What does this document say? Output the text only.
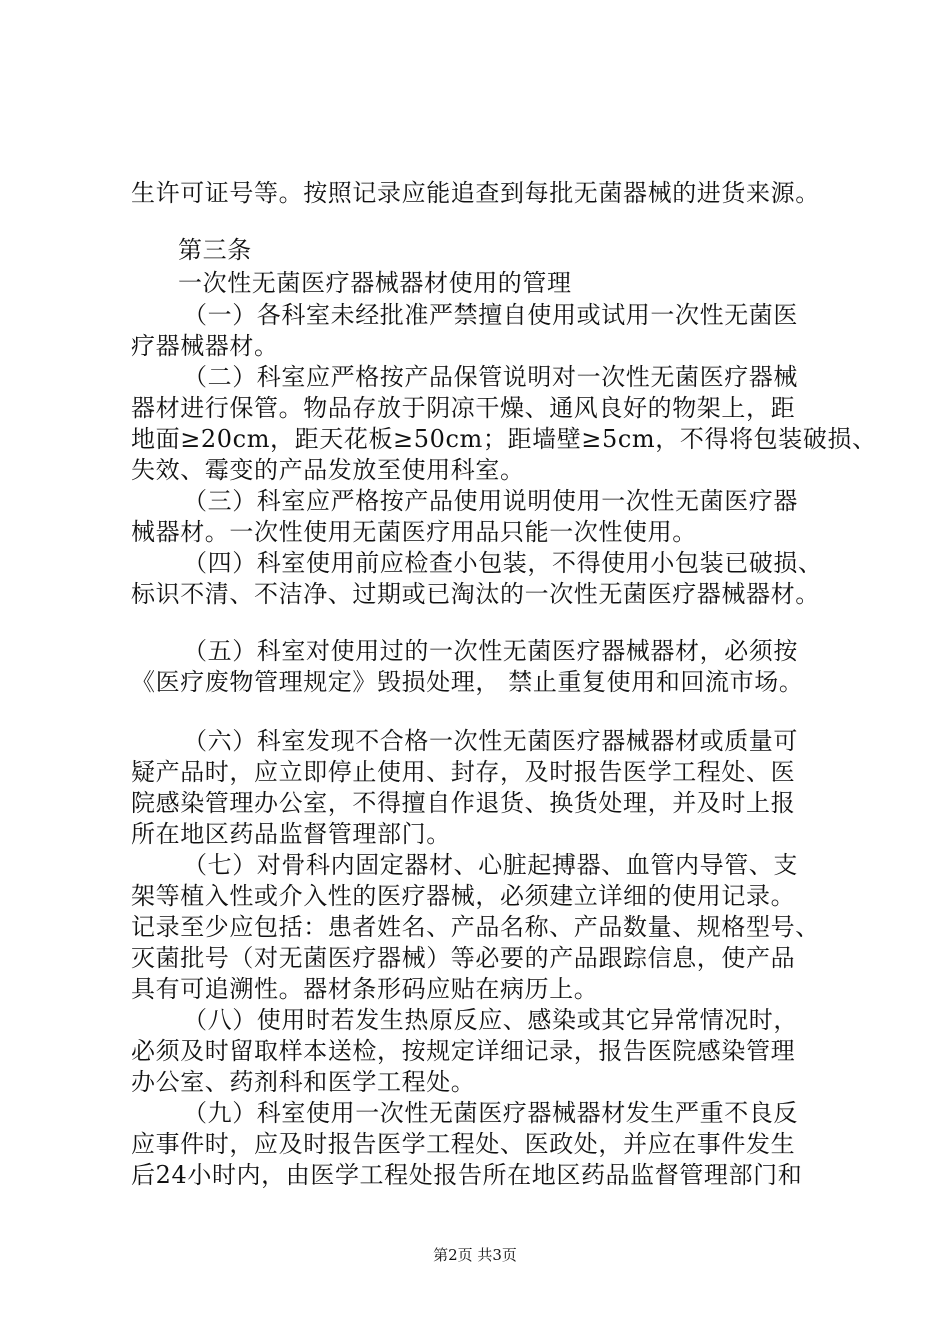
生许可证号等。按照记录应能追查到每批无菌器械的进货来源。
第三条
一次性无菌医疗器械器材使用的管理
（一）各科室未经批准严禁擅自使用或试用一次性无菌医
疗器械器材。
（二）科室应严格按产品保管说明对一次性无菌医疗器械
器材进行保管。物品存放于阴凉干燥、通风良好的物架上，距
地面≥20cm，距天花板≥50cm；距墙壁≥5cm，不得将包装破损、
失效、霉变的产品发放至使用科室。
（三）科室应严格按产品使用说明使用一次性无菌医疗器
械器材。一次性使用无菌医疗用品只能一次性使用。
（四）科室使用前应检查小包装，不得使用小包装已破损、
标识不清、不洁净、过期或已淘汰的一次性无菌医疗器械器材。
（五）科室对使用过的一次性无菌医疗器械器材，必须按
《医疗废物管理规定》毁损处理， 禁止重复使用和回流市场。
（六）科室发现不合格一次性无菌医疗器械器材或质量可
疑产品时，应立即停止使用、封存，及时报告医学工程处、医
院感染管理办公室，不得擅自作退货、换货处理，并及时上报
所在地区药品监督管理部门。
（七）对骨科内固定器材、心脏起搏器、血管内导管、支
架等植入性或介入性的医疗器械，必须建立详细的使用记录。
记录至少应包括：患者姓名、产品名称、产品数量、规格型号、
灭菌批号（对无菌医疗器械）等必要的产品跟踪信息，使产品
具有可追溯性。器材条形码应贴在病历上。
（八）使用时若发生热原反应、感染或其它异常情况时，
必须及时留取样本送检，按规定详细记录，报告医院感染管理
办公室、药剂科和医学工程处。
（九）科室使用一次性无菌医疗器械器材发生严重不良反
应事件时，应及时报告医学工程处、医政处，并应在事件发生
后24小时内，由医学工程处报告所在地区药品监督管理部门和
第2页 共3页
